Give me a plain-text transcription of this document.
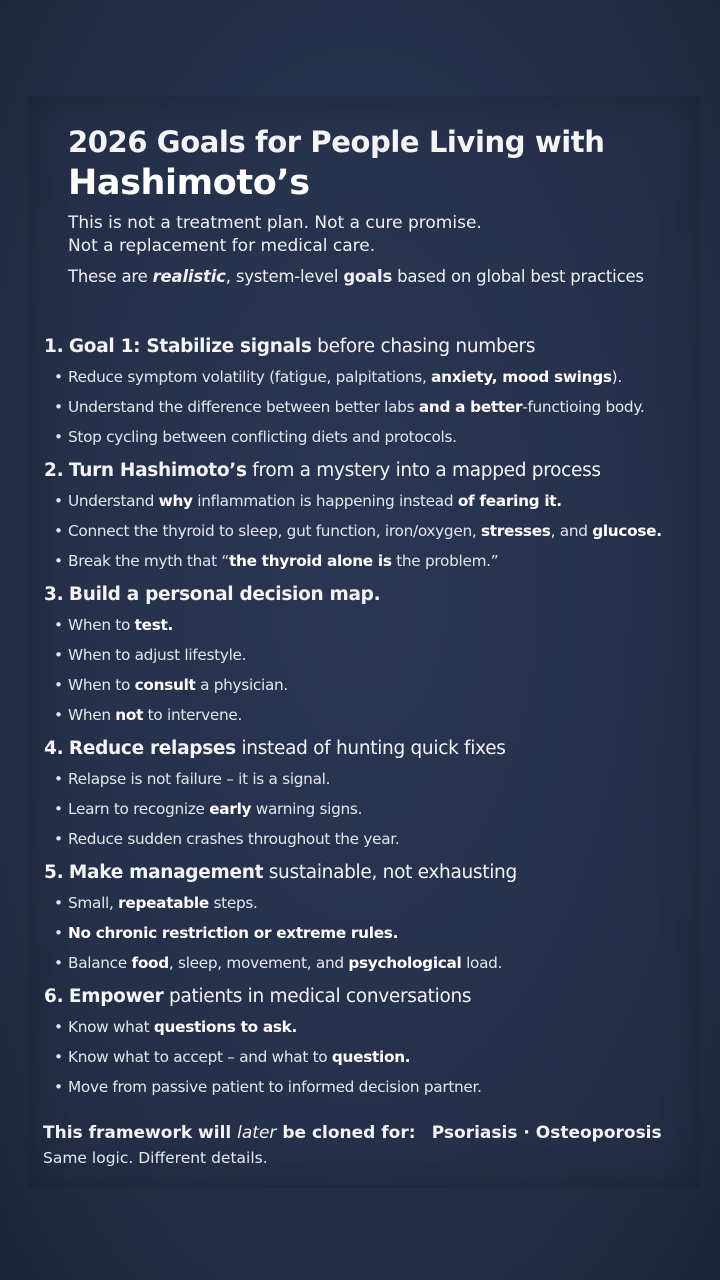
2026 Goals for People Living with
Hashimoto’s
This is not a treatment plan. Not a cure promise.
Not a replacement for medical care.
These are realistic, system-level goals based on global best practices
1. Goal 1: Stabilize signals before chasing numbers
• Reduce symptom volatility (fatigue, palpitations, anxiety, mood swings).
• Understand the difference between better labs and a better-functioing body.
• Stop cycling between conflicting diets and protocols.
2. Turn Hashimoto’s from a mystery into a mapped process
• Understand why inflammation is happening instead of fearing it.
• Connect the thyroid to sleep, gut function, iron/oxygen, stresses, and glucose.
• Break the myth that “the thyroid alone is the problem.”
3. Build a personal decision map.
• When to test.
• When to adjust lifestyle.
• When to consult a physician.
• When not to intervene.
4. Reduce relapses instead of hunting quick fixes
• Relapse is not failure – it is a signal.
• Learn to recognize early warning signs.
• Reduce sudden crashes throughout the year.
5. Make management sustainable, not exhausting
• Small, repeatable steps.
• No chronic restriction or extreme rules.
• Balance food, sleep, movement, and psychological load.
6. Empower patients in medical conversations
• Know what questions to ask.
• Know what to accept – and what to question.
• Move from passive patient to informed decision partner.
This framework will later be cloned for: Psoriasis · Osteoporosis
Same logic. Different details.
